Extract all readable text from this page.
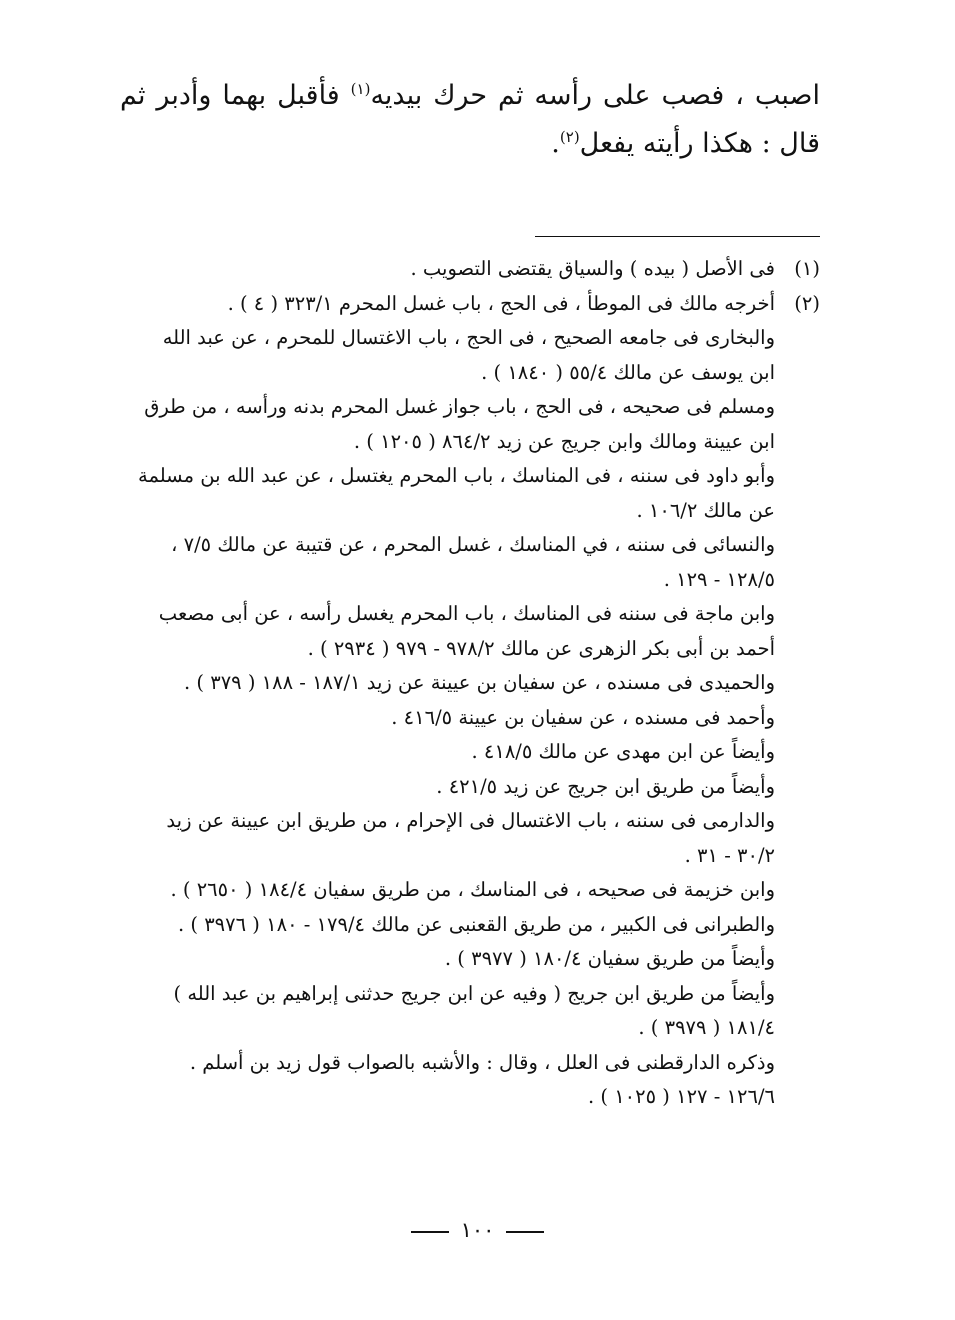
اصبب ، فصب على رأسه ثم حرك بيديه$^{(١)}$ فأقبل بهما وأدبر ثم قال : هكذا رأيته يفعل$^{(٢)}$.

(١)
فى الأصل ( بيده ) والسياق يقتضى التصويب .
(٢)
أخرجه مالك فى الموطأ ، فى الحج ، باب غسل المحرم ٣٢٣/١ ( ٤ ) .
والبخارى فى جامعه الصحيح ، فى الحج ، باب الاغتسال للمحرم ، عن عبد الله
ابن يوسف عن مالك ٥٥/٤ ( ١٨٤٠ ) .
ومسلم فى صحيحه ، فى الحج ، باب جواز غسل المحرم بدنه ورأسه ، من طرق
ابن عيينة ومالك وابن جريج عن زيد ٨٦٤/٢ ( ١٢٠٥ ) .
وأبو داود فى سننه ، فى المناسك ، باب المحرم يغتسل ، عن عبد الله بن مسلمة
عن مالك ١٠٦/٢ .
والنسائى فى سننه ، في المناسك ، غسل المحرم ، عن قتيبة عن مالك ٧/٥ ،
١٢٨/٥ - ١٢٩ .
وابن ماجة فى سننه فى المناسك ، باب المحرم يغسل رأسه ، عن أبى مصعب
أحمد بن أبى بكر الزهرى عن مالك ٩٧٨/٢ - ٩٧٩ ( ٢٩٣٤ ) .
والحميدى فى مسنده ، عن سفيان بن عيينة عن زيد ١٨٧/١ - ١٨٨ ( ٣٧٩ ) .
وأحمد فى مسنده ، عن سفيان بن عيينة ٤١٦/٥ .
وأيضاً عن ابن مهدى عن مالك ٤١٨/٥ .
وأيضاً من طريق ابن جريج عن زيد ٤٢١/٥ .
والدارمى فى سننه ، باب الاغتسال فى الإحرام ، من طريق ابن عيينة عن زيد
٣٠/٢ - ٣١ .
وابن خزيمة فى صحيحه ، فى المناسك ، من طريق سفيان ١٨٤/٤ ( ٢٦٥٠ ) .
والطبرانى فى الكبير ، من طريق القعنبى عن مالك ١٧٩/٤ - ١٨٠ ( ٣٩٧٦ ) .
وأيضاً من طريق سفيان ١٨٠/٤ ( ٣٩٧٧ ) .
وأيضاً من طريق ابن جريج ( وفيه عن ابن جريج حدثنى إبراهيم بن عبد الله )
١٨١/٤ ( ٣٩٧٩ ) .
وذكره الدارقطنى فى العلل ، وقال : والأشبه بالصواب قول زيد بن أسلم .
١٢٦/٦ - ١٢٧ ( ١٠٢٥ ) .
١٠٠
